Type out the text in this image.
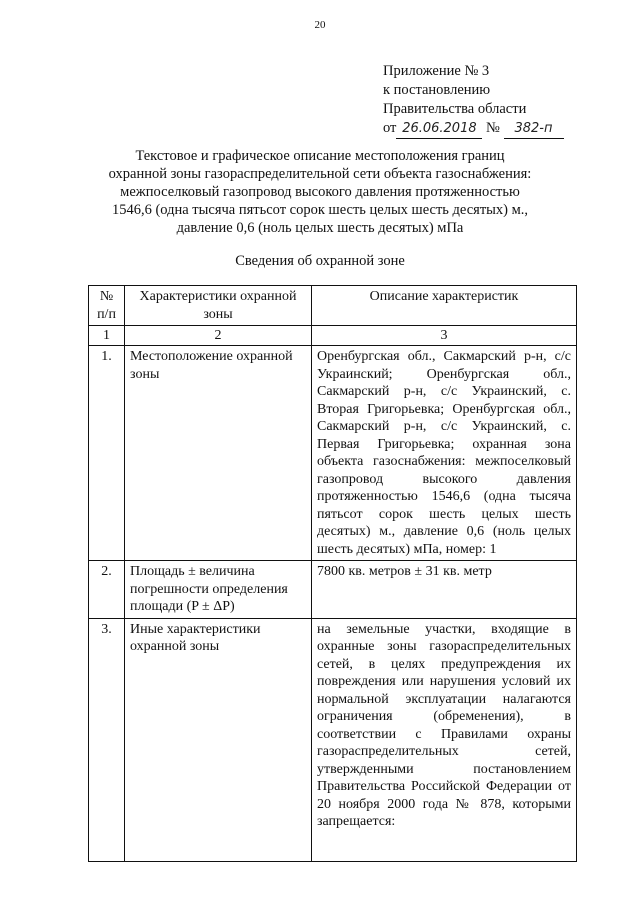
20
Приложение № 3
к постановлению
Правительства области
от 26.06.2018 № 382-п
Текстовое и графическое описание местоположения границ
охранной зоны газораспределительной сети объекта газоснабжения:
межпоселковый газопровод высокого давления протяженностью
1546,6 (одна тысяча пятьсот сорок шесть целых шесть десятых) м.,
давление 0,6 (ноль целых шесть десятых) мПа
Сведения об охранной зоне
№ п/п	Характеристики охранной зоны	Описание характеристик
1	2	3
1.	Местоположение охранной зоны	Оренбургская обл., Сакмарский р-н, с/с Украинский; Оренбургская обл., Сакмарский р-н, с/с Украинский, с. Вторая Григорьевка; Оренбургская обл., Сакмарский р-н, с/с Украинский, с. Первая Григорьевка; охранная зона объекта газоснабжения: межпоселковый газопровод высокого давления протяженностью 1546,6 (одна тысяча пятьсот сорок шесть целых шесть десятых) м., давление 0,6 (ноль целых шесть десятых) мПа, номер: 1
2.	Площадь ± величина погрешности определения площади (P ± ΔP)	7800 кв. метров ± 31 кв. метр
3.	Иные характеристики охранной зоны	на земельные участки, входящие в охранные зоны газораспределительных сетей, в целях предупреждения их повреждения или нарушения условий их нормальной эксплуатации налагаются ограничения (обременения), в соответствии с Правилами охраны газораспределительных сетей, утвержденными постановлением Правительства Российской Федерации от 20 ноября 2000 года № 878, которыми запрещается:
